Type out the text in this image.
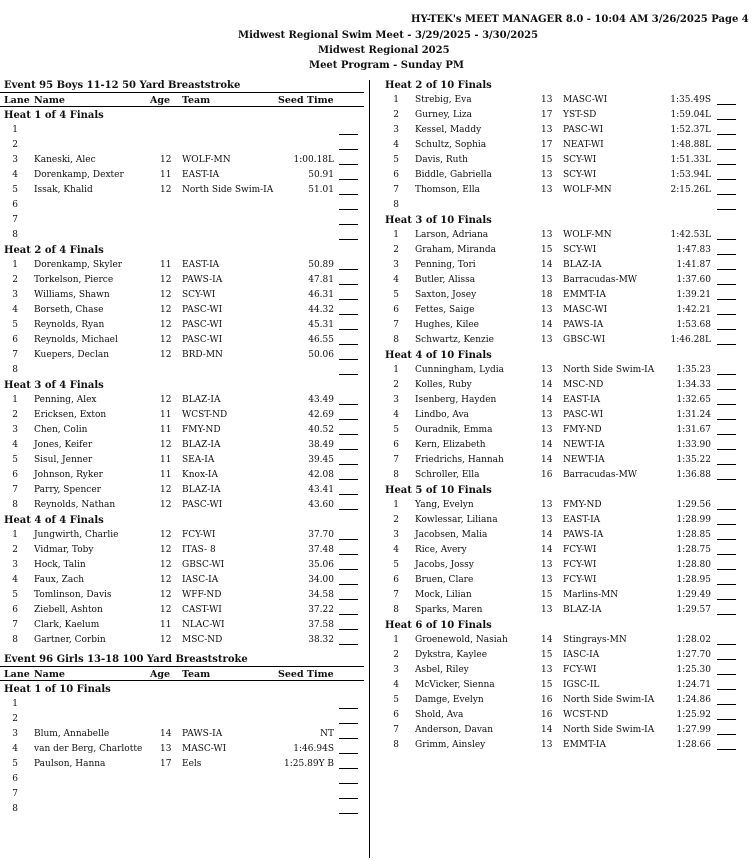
HY-TEK's MEET MANAGER 8.0 - 10:04 AM 3/26/2025 Page 4
Midwest Regional Swim Meet - 3/29/2025 - 3/30/2025
Midwest Regional 2025
Meet Program - Sunday PM
Event 95 Boys 11-12 50 Yard Breaststroke
Lane Name	Age Team	Seed Time
Heat 1 of 4 Finals
1
2
3 Kaneski, Alec	12 WOLF-MN	1:00.18L
4 Dorenkamp, Dexter	11 EAST-IA	50.91
5 Issak, Khalid	12 North Side Swim-IA	51.01
6
7
8
Heat 2 of 4 Finals
1 Dorenkamp, Skyler	11 EAST-IA	50.89
2 Torkelson, Pierce	12 PAWS-IA	47.81
3 Williams, Shawn	12 SCY-WI	46.31
4 Borseth, Chase	12 PASC-WI	44.32
5 Reynolds, Ryan	12 PASC-WI	45.31
6 Reynolds, Michael	12 PASC-WI	46.55
7 Kuepers, Declan	12 BRD-MN	50.06
8
Heat 3 of 4 Finals
1 Penning, Alex	12 BLAZ-IA	43.49
2 Ericksen, Exton	11 WCST-ND	42.69
3 Chen, Colin	11 FMY-ND	40.52
4 Jones, Keifer	12 BLAZ-IA	38.49
5 Sisul, Jenner	11 SEA-IA	39.45
6 Johnson, Ryker	11 Knox-IA	42.08
7 Parry, Spencer	12 BLAZ-IA	43.41
8 Reynolds, Nathan	12 PASC-WI	43.60
Heat 4 of 4 Finals
1 Jungwirth, Charlie	12 FCY-WI	37.70
2 Vidmar, Toby	12 ITAS- 8	37.48
3 Hock, Talin	12 GBSC-WI	35.06
4 Faux, Zach	12 IASC-IA	34.00
5 Tomlinson, Davis	12 WFF-ND	34.58
6 Ziebell, Ashton	12 CAST-WI	37.22
7 Clark, Kaelum	11 NLAC-WI	37.58
8 Gartner, Corbin	12 MSC-ND	38.32
Event 96 Girls 13-18 100 Yard Breaststroke
Lane Name	Age Team	Seed Time
Heat 1 of 10 Finals
1
2
3 Blum, Annabelle	14 PAWS-IA	NT
4 van der Berg, Charlotte 13 MASC-WI	1:46.94S
5 Paulson, Hanna	17 Eels	1:25.89Y B
6
7
8
Heat 2 of 10 Finals
1 Strebig, Eva	13 MASC-WI	1:35.49S
2 Gurney, Liza	17 YST-SD	1:59.04L
3 Kessel, Maddy	13 PASC-WI	1:52.37L
4 Schultz, Sophia	17 NEAT-WI	1:48.88L
5 Davis, Ruth	15 SCY-WI	1:51.33L
6 Biddle, Gabriella	13 SCY-WI	1:53.94L
7 Thomson, Ella	13 WOLF-MN	2:15.26L
8
Heat 3 of 10 Finals
1 Larson, Adriana	13 WOLF-MN	1:42.53L
2 Graham, Miranda	15 SCY-WI	1:47.83
3 Penning, Tori	14 BLAZ-IA	1:41.87
4 Butler, Alissa	13 Barracudas-MW	1:37.60
5 Saxton, Josey	18 EMMT-IA	1:39.21
6 Fettes, Saige	13 MASC-WI	1:42.21
7 Hughes, Kilee	14 PAWS-IA	1:53.68
8 Schwartz, Kenzie	13 GBSC-WI	1:46.28L
Heat 4 of 10 Finals
1 Cunningham, Lydia	13 North Side Swim-IA 1:35.23
2 Kolles, Ruby	14 MSC-ND	1:34.33
3 Isenberg, Hayden	14 EAST-IA	1:32.65
4 Lindbo, Ava	13 PASC-WI	1:31.24
5 Ouradnik, Emma	13 FMY-ND	1:31.67
6 Kern, Elizabeth	14 NEWT-IA	1:33.90
7 Friedrichs, Hannah	14 NEWT-IA	1:35.22
8 Schroller, Ella	16 Barracudas-MW	1:36.88
Heat 5 of 10 Finals
1 Yang, Evelyn	13 FMY-ND	1:29.56
2 Kowlessar, Liliana	13 EAST-IA	1:28.99
3 Jacobsen, Malia	14 PAWS-IA	1:28.85
4 Rice, Avery	14 FCY-WI	1:28.75
5 Jacobs, Jossy	13 FCY-WI	1:28.80
6 Bruen, Clare	13 FCY-WI	1:28.95
7 Mock, Lilian	15 Marlins-MN	1:29.49
8 Sparks, Maren	13 BLAZ-IA	1:29.57
Heat 6 of 10 Finals
1 Groenewold, Nasiah	14 Stingrays-MN	1:28.02
2 Dykstra, Kaylee	15 IASC-IA	1:27.70
3 Asbel, Riley	13 FCY-WI	1:25.30
4 McVicker, Sienna	15 IGSC-IL	1:24.71
5 Damge, Evelyn	16 North Side Swim-IA 1:24.86
6 Shold, Ava	16 WCST-ND	1:25.92
7 Anderson, Davan	14 North Side Swim-IA 1:27.99
8 Grimm, Ainsley	13 EMMT-IA	1:28.66
